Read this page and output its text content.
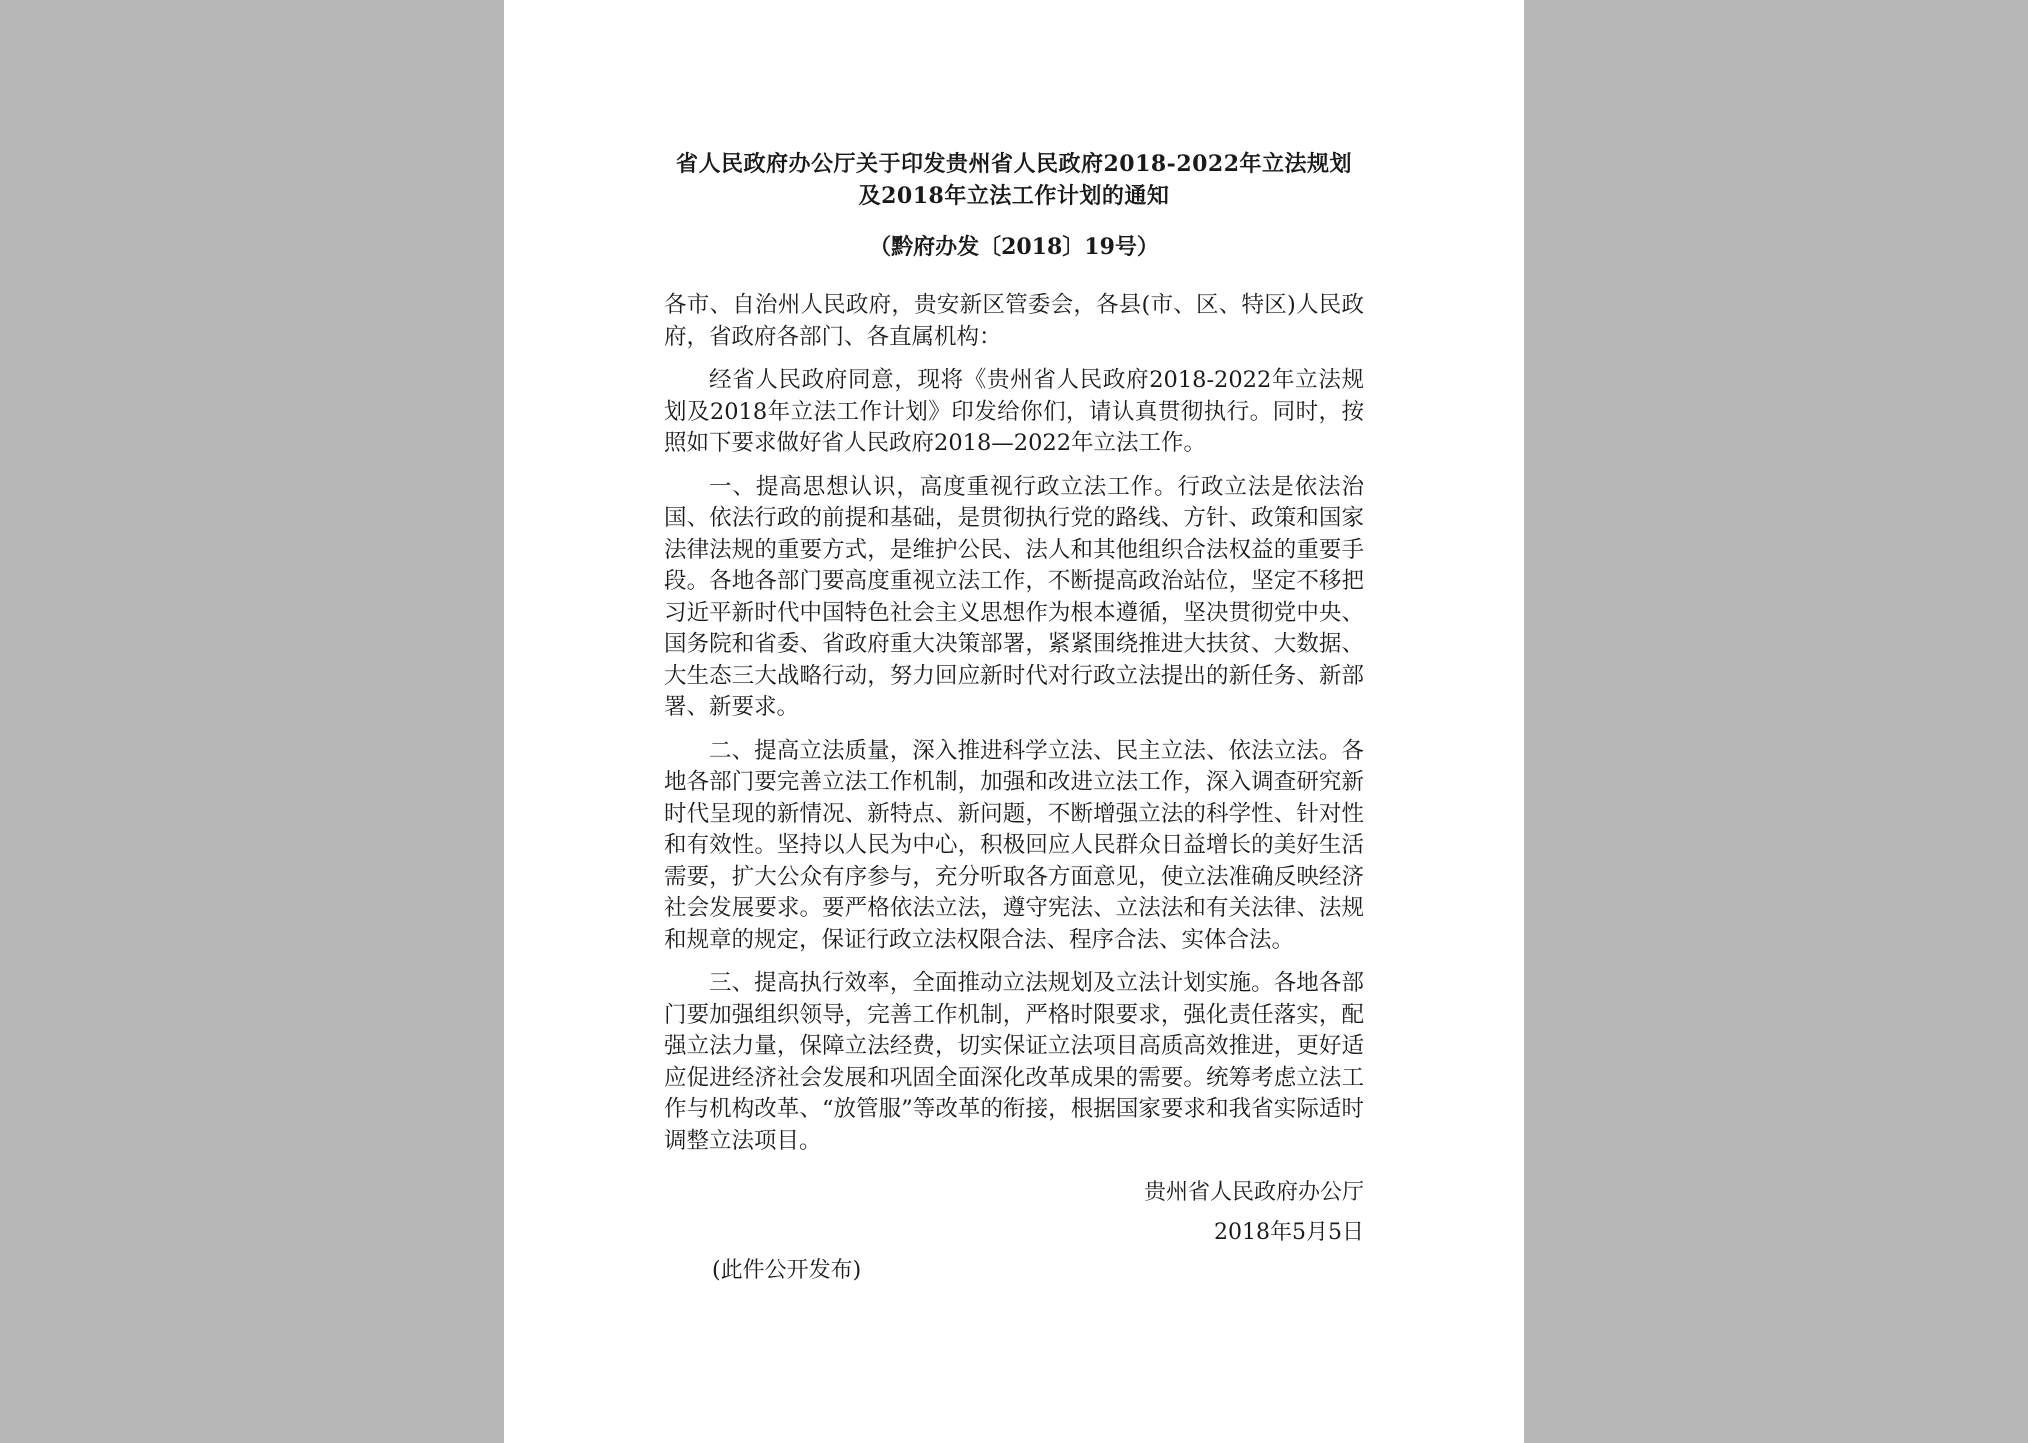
省人民政府办公厅关于印发贵州省人民政府2018-2022年立法规划
及2018年立法工作计划的通知
（黔府办发〔2018〕19号）

各市、自治州人民政府，贵安新区管委会，各县(市、区、特区)人民政府，省政府各部门、各直属机构：

经省人民政府同意，现将《贵州省人民政府2018-2022年立法规划及2018年立法工作计划》印发给你们，请认真贯彻执行。同时，按照如下要求做好省人民政府2018—2022年立法工作。

一、提高思想认识，高度重视行政立法工作。行政立法是依法治国、依法行政的前提和基础，是贯彻执行党的路线、方针、政策和国家法律法规的重要方式，是维护公民、法人和其他组织合法权益的重要手段。各地各部门要高度重视立法工作，不断提高政治站位，坚定不移把习近平新时代中国特色社会主义思想作为根本遵循，坚决贯彻党中央、国务院和省委、省政府重大决策部署，紧紧围绕推进大扶贫、大数据、大生态三大战略行动，努力回应新时代对行政立法提出的新任务、新部署、新要求。

二、提高立法质量，深入推进科学立法、民主立法、依法立法。各地各部门要完善立法工作机制，加强和改进立法工作，深入调查研究新时代呈现的新情况、新特点、新问题，不断增强立法的科学性、针对性和有效性。坚持以人民为中心，积极回应人民群众日益增长的美好生活需要，扩大公众有序参与，充分听取各方面意见，使立法准确反映经济社会发展要求。要严格依法立法，遵守宪法、立法法和有关法律、法规和规章的规定，保证行政立法权限合法、程序合法、实体合法。

三、提高执行效率，全面推动立法规划及立法计划实施。各地各部门要加强组织领导，完善工作机制，严格时限要求，强化责任落实，配强立法力量，保障立法经费，切实保证立法项目高质高效推进，更好适应促进经济社会发展和巩固全面深化改革成果的需要。统筹考虑立法工作与机构改革、“放管服”等改革的衔接，根据国家要求和我省实际适时调整立法项目。

贵州省人民政府办公厅
2018年5月5日
(此件公开发布)
